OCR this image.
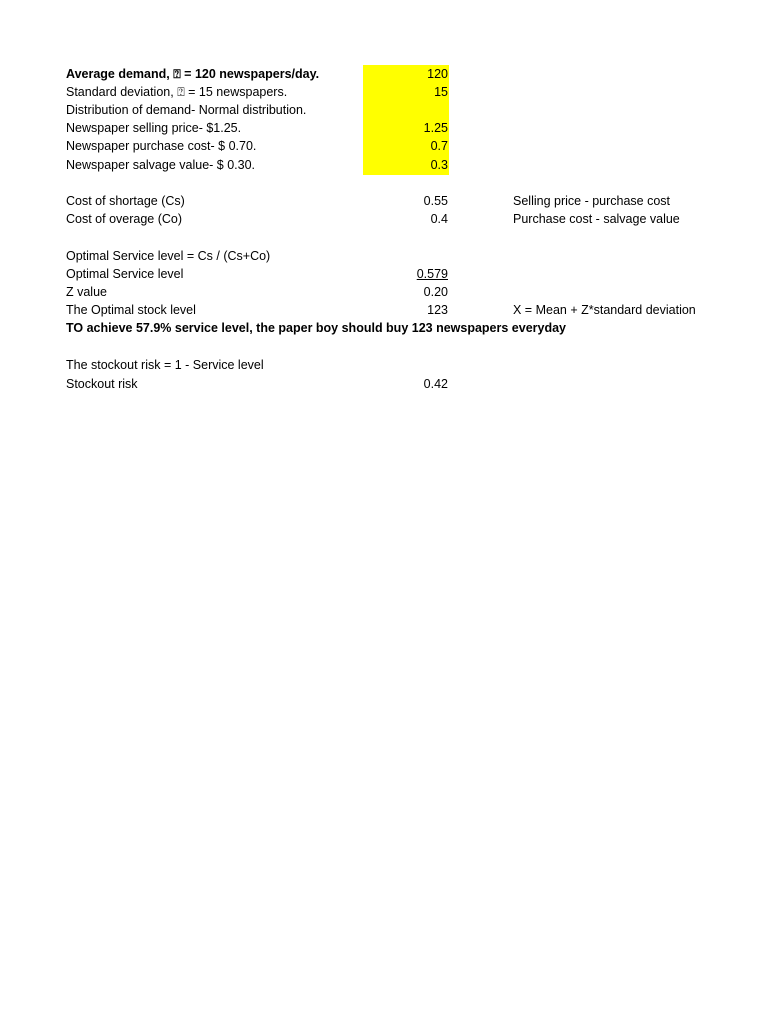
Average demand, ⍰ = 120 newspapers/day.	120
Standard deviation, ⍰ = 15 newspapers.	15
Distribution of demand- Normal distribution.
Newspaper selling price- $1.25.	1.25
Newspaper purchase cost- $ 0.70.	0.7
Newspaper salvage value- $ 0.30.	0.3
Cost of shortage (Cs)	0.55	Selling price - purchase cost
Cost of overage (Co)	0.4	Purchase cost - salvage value
Optimal Service level = Cs / (Cs+Co)
Optimal Service level	0.579
Z value	0.20
The Optimal stock level	123	X = Mean + Z*standard deviation
TO achieve 57.9% service level, the paper boy should buy 123 newspapers everyday
The stockout risk = 1 - Service level
Stockout risk	0.42
